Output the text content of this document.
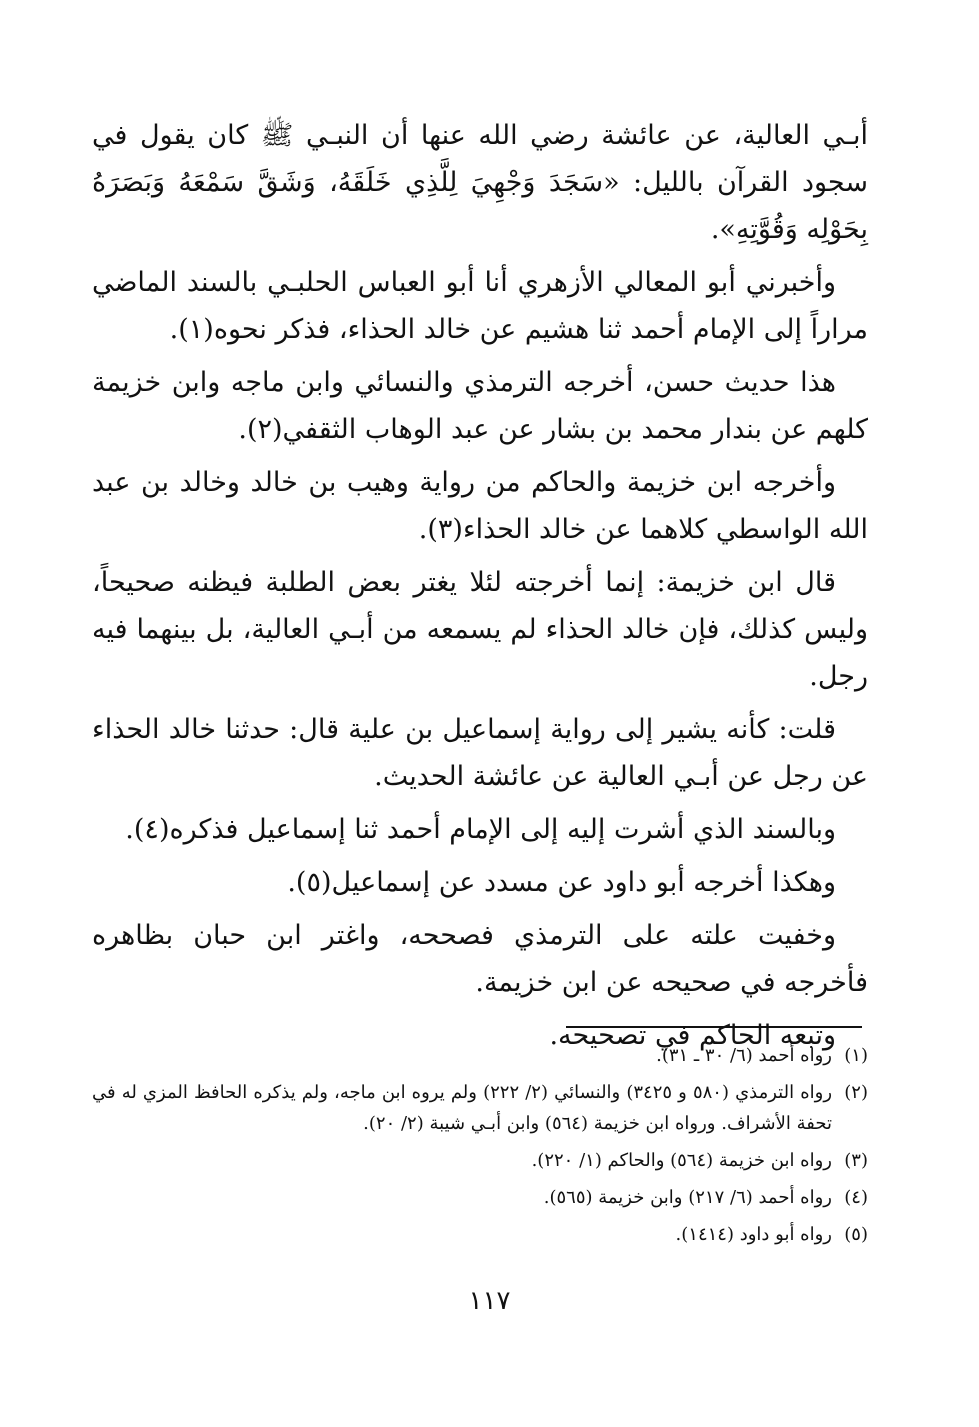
أبـي العالية، عن عائشة رضي الله عنها أن النبـي ﷺ كان يقول في سجود القرآن بالليل: «سَجَدَ وَجْهِيَ لِلَّذِي خَلَقَهُ، وَشَقَّ سَمْعَهُ وَبَصَرَهُ بِحَوْلِه وَقُوَّتِهِ».

وأخبرني أبو المعالي الأزهري أنا أبو العباس الحلبـي بالسند الماضي مراراً إلى الإمام أحمد ثنا هشيم عن خالد الحذاء، فذكر نحوه(١).

هذا حديث حسن، أخرجه الترمذي والنسائي وابن ماجه وابن خزيمة كلهم عن بندار محمد بن بشار عن عبد الوهاب الثقفي(٢).

وأخرجه ابن خزيمة والحاكم من رواية وهيب بن خالد وخالد بن عبد الله الواسطي كلاهما عن خالد الحذاء(٣).

قال ابن خزيمة: إنما أخرجته لئلا يغتر بعض الطلبة فيظنه صحيحاً، وليس كذلك، فإن خالد الحذاء لم يسمعه من أبـي العالية، بل بينهما فيه رجل.

قلت: كأنه يشير إلى رواية إسماعيل بن علية قال: حدثنا خالد الحذاء عن رجل عن أبـي العالية عن عائشة الحديث.

وبالسند الذي أشرت إليه إلى الإمام أحمد ثنا إسماعيل فذكره(٤).

وهكذا أخرجه أبو داود عن مسدد عن إسماعيل(٥).

وخفيت علته على الترمذي فصححه، واغتر ابن حبان بظاهره فأخرجه في صحيحه عن ابن خزيمة.

وتبعه الحاكم في تصحيحه.

(١)
رواه أحمد (٦/ ٣٠ ـ ٣١).
(٢)
رواه الترمذي (٥٨٠ و ٣٤٢٥) والنسائي (٢/ ٢٢٢) ولم يروه ابن ماجه، ولم يذكره الحافظ المزي له في تحفة الأشراف. ورواه ابن خزيمة (٥٦٤) وابن أبـي شيبة (٢/ ٢٠).
(٣)
رواه ابن خزيمة (٥٦٤) والحاكم (١/ ٢٢٠).
(٤)
رواه أحمد (٦/ ٢١٧) وابن خزيمة (٥٦٥).
(٥)
رواه أبو داود (١٤١٤).
١١٧
